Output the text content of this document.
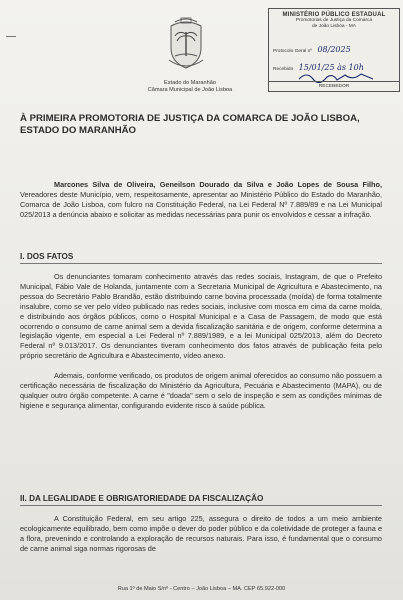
Estado do Maranhão
Câmara Municipal de João Lisboa
MINISTÉRIO PÚBLICO ESTADUAL
Promotorias de Justiça da Comarca
de João Lisboa - MA
Protocolo Geral nº 08/2025
Recebido 15/01/25 às 10h
RECEBEDOR
À PRIMEIRA PROMOTORIA DE JUSTIÇA DA COMARCA DE JOÃO LISBOA, ESTADO DO MARANHÃO

Marcones Silva de Oliveira, Geneilson Dourado da Silva e João Lopes de Sousa Filho, Vereadores deste Município, vem, respeitosamente, apresentar ao Ministério Público do Estado do Maranhão, Comarca de João Lisboa, com fulcro na Constituição Federal, na Lei Federal Nº 7.889/89 e na Lei Municipal 025/2013 a denúncia abaixo e solicitar as medidas necessárias para punir os envolvidos e cessar a infração.

I. DOS FATOS

Os denunciantes tomaram conhecimento através das redes sociais, Instagram, de que o Prefeito Municipal, Fábio Vale de Holanda, juntamente com a Secretaria Municipal de Agricultura e Abastecimento, na pessoa do Secretário Pablo Brandão, estão distribuindo carne bovina processada (moída) de forma totalmente insalubre, como se ver pelo vídeo publicado nas redes sociais, inclusive com mosca em cima da carne moída, e distribuindo aos órgãos públicos, como o Hospital Municipal e a Casa de Passagem, de modo que está ocorrendo o consumo de carne animal sem a devida fiscalização sanitária e de origem, conforme determina a legislação vigente, em especial a Lei Federal nº 7.889/1989, e a lei Municipal 025/2013, além do Decreto Federal nº 9.013/2017. Os denunciantes tiveram conhecimento dos fatos através de publicação feita pelo próprio secretário de Agricultura e Abastecimento, vídeo anexo.

Ademais, conforme verificado, os produtos de origem animal oferecidos ao consumo não possuem a certificação necessária de fiscalização do Ministério da Agricultura, Pecuária e Abastecimento (MAPA), ou de qualquer outro órgão competente. A carne é "doada" sem o selo de inspeção e sem as condições mínimas de higiene e segurança alimentar, configurando evidente risco à saúde pública.

II. DA LEGALIDADE E OBRIGATORIEDADE DA FISCALIZAÇÃO

A Constituição Federal, em seu artigo 225, assegura o direito de todos a um meio ambiente ecologicamente equilibrado, bem como impõe o dever do poder público e da coletividade de proteger a fauna e a flora, prevenindo e controlando a exploração de recursos naturais. Para isso, é fundamental que o consumo de carne animal siga normas rigorosas de

Rua 1º de Maio S/nº - Centro – João Lisboa – MA. CEP 65.922-000
